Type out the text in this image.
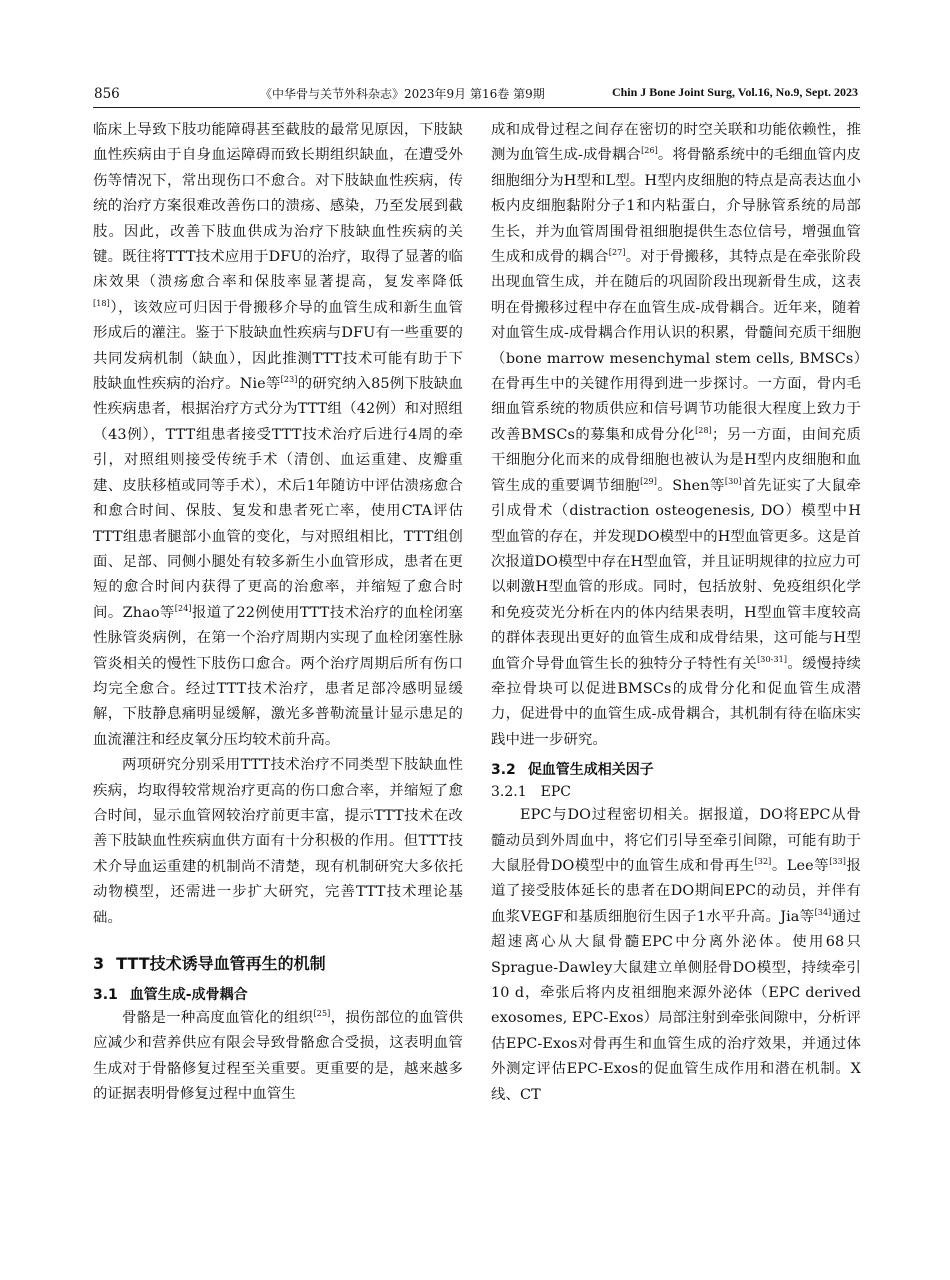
856	《中华骨与关节外科杂志》2023年9月 第16卷 第9期	Chin J Bone Joint Surg, Vol.16, No.9, Sept. 2023

临床上导致下肢功能障碍甚至截肢的最常见原因，下肢缺血性疾病由于自身血运障碍而致长期组织缺血，在遭受外伤等情况下，常出现伤口不愈合。对下肢缺血性疾病，传统的治疗方案很难改善伤口的溃疡、感染，乃至发展到截肢。因此，改善下肢血供成为治疗下肢缺血性疾病的关键。既往将TTT技术应用于DFU的治疗，取得了显著的临床效果（溃疡愈合率和保肢率显著提高，复发率降低[18]），该效应可归因于骨搬移介导的血管生成和新生血管形成后的灌注。鉴于下肢缺血性疾病与DFU有一些重要的共同发病机制（缺血），因此推测TTT技术可能有助于下肢缺血性疾病的治疗。Nie等[23]的研究纳入85例下肢缺血性疾病患者，根据治疗方式分为TTT组（42例）和对照组（43例），TTT组患者接受TTT技术治疗后进行4周的牵引，对照组则接受传统手术（清创、血运重建、皮瓣重建、皮肤移植或同等手术），术后1年随访中评估溃疡愈合和愈合时间、保肢、复发和患者死亡率，使用CTA评估TTT组患者腿部小血管的变化，与对照组相比，TTT组创面、足部、同侧小腿处有较多新生小血管形成，患者在更短的愈合时间内获得了更高的治愈率，并缩短了愈合时间。Zhao等[24]报道了22例使用TTT技术治疗的血栓闭塞性脉管炎病例，在第一个治疗周期内实现了血栓闭塞性脉管炎相关的慢性下肢伤口愈合。两个治疗周期后所有伤口均完全愈合。经过TTT技术治疗，患者足部冷感明显缓解，下肢静息痛明显缓解，激光多普勒流量计显示患足的血流灌注和经皮氧分压均较术前升高。

两项研究分别采用TTT技术治疗不同类型下肢缺血性疾病，均取得较常规治疗更高的伤口愈合率，并缩短了愈合时间，显示血管网较治疗前更丰富，提示TTT技术在改善下肢缺血性疾病血供方面有十分积极的作用。但TTT技术介导血运重建的机制尚不清楚，现有机制研究大多依托动物模型，还需进一步扩大研究，完善TTT技术理论基础。

3 TTT技术诱导血管再生的机制
3.1 血管生成-成骨耦合

骨骼是一种高度血管化的组织[25]，损伤部位的血管供应减少和营养供应有限会导致骨骼愈合受损，这表明血管生成对于骨骼修复过程至关重要。更重要的是，越来越多的证据表明骨修复过程中血管生

成和成骨过程之间存在密切的时空关联和功能依赖性，推测为血管生成-成骨耦合[26]。将骨骼系统中的毛细血管内皮细胞细分为H型和L型。H型内皮细胞的特点是高表达血小板内皮细胞黏附分子1和内粘蛋白，介导脉管系统的局部生长，并为血管周围骨祖细胞提供生态位信号，增强血管生成和成骨的耦合[27]。对于骨搬移，其特点是在牵张阶段出现血管生成，并在随后的巩固阶段出现新骨生成，这表明在骨搬移过程中存在血管生成-成骨耦合。近年来，随着对血管生成-成骨耦合作用认识的积累，骨髓间充质干细胞（bone marrow mesenchymal stem cells, BMSCs）在骨再生中的关键作用得到进一步探讨。一方面，骨内毛细血管系统的物质供应和信号调节功能很大程度上致力于改善BMSCs的募集和成骨分化[28]；另一方面，由间充质干细胞分化而来的成骨细胞也被认为是H型内皮细胞和血管生成的重要调节细胞[29]。Shen等[30]首先证实了大鼠牵引成骨术（distraction osteogenesis, DO）模型中H型血管的存在，并发现DO模型中的H型血管更多。这是首次报道DO模型中存在H型血管，并且证明规律的拉应力可以刺激H型血管的形成。同时，包括放射、免疫组织化学和免疫荧光分析在内的体内结果表明，H型血管丰度较高的群体表现出更好的血管生成和成骨结果，这可能与H型血管介导骨血管生长的独特分子特性有关[30-31]。缓慢持续牵拉骨块可以促进BMSCs的成骨分化和促血管生成潜力，促进骨中的血管生成-成骨耦合，其机制有待在临床实践中进一步研究。

3.2 促血管生成相关因子
3.2.1　EPC

EPC与DO过程密切相关。据报道，DO将EPC从骨髓动员到外周血中，将它们引导至牵引间隙，可能有助于大鼠胫骨DO模型中的血管生成和骨再生[32]。Lee等[33]报道了接受肢体延长的患者在DO期间EPC的动员，并伴有血浆VEGF和基质细胞衍生因子1水平升高。Jia等[34]通过超速离心从大鼠骨髓EPC中分离外泌体。使用68只Sprague-Dawley大鼠建立单侧胫骨DO模型，持续牵引10 d，牵张后将内皮祖细胞来源外泌体（EPC derived exosomes, EPC-Exos）局部注射到牵张间隙中，分析评估EPC-Exos对骨再生和血管生成的治疗效果，并通过体外测定评估EPC-Exos的促血管生成作用和潜在机制。X线、CT
